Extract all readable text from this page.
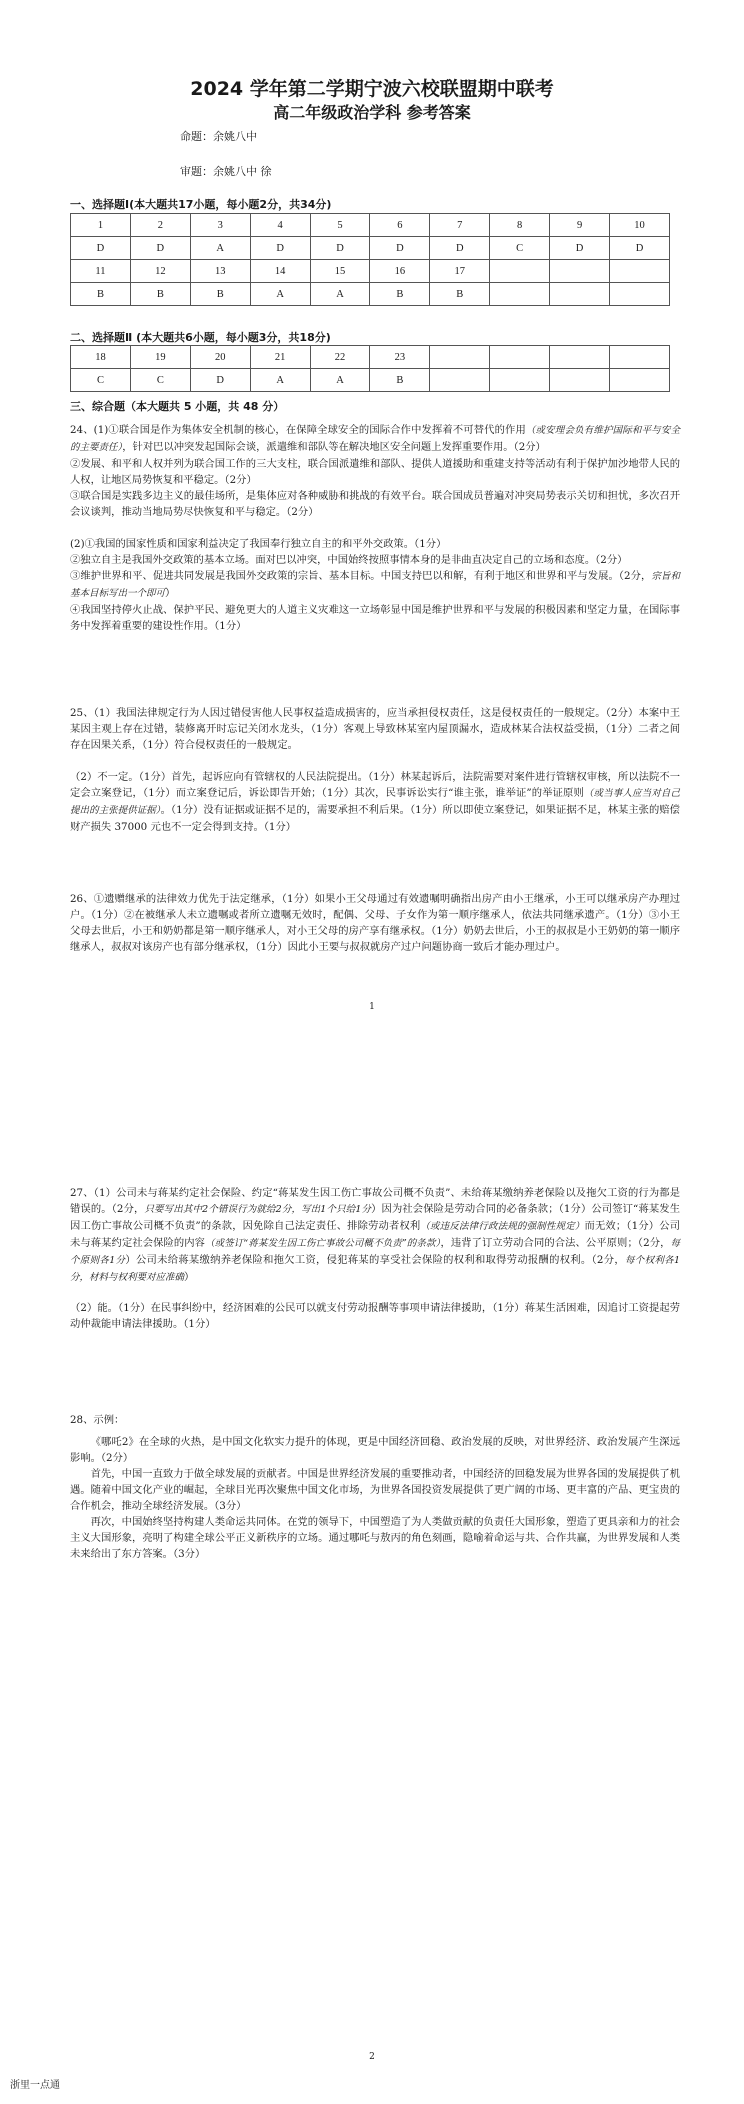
2024 学年第二学期宁波六校联盟期中联考
高二年级政治学科 参考答案
命题：余姚八中
审题：余姚八中 徐
一、选择题Ⅰ(本大题共17小题，每小题2分，共34分)
1	2	3	4	5	6	7	8	9	10
D	D	A	D	D	D	D	C	D	D
11	12	13	14	15	16	17			
B	B	B	A	A	B	B			
二、选择题Ⅱ (本大题共6小题，每小题3分，共18分)
18	19	20	21	22	23				
C	C	D	A	A	B				
三、综合题（本大题共 5 小题，共 48 分）

24、(1)①联合国是作为集体安全机制的核心，在保障全球安全的国际合作中发挥着不可替代的作用（或安理会负有维护国际和平与安全的主要责任），针对巴以冲突发起国际会谈，派遣维和部队等在解决地区安全问题上发挥重要作用。（2分）

②发展、和平和人权并列为联合国工作的三大支柱，联合国派遣维和部队、提供人道援助和重建支持等活动有利于保护加沙地带人民的人权，让地区局势恢复和平稳定。（2分）

③联合国是实践多边主义的最佳场所，是集体应对各种威胁和挑战的有效平台。联合国成员普遍对冲突局势表示关切和担忧，多次召开会议谈判，推动当地局势尽快恢复和平与稳定。（2分）

(2)①我国的国家性质和国家利益决定了我国奉行独立自主的和平外交政策。（1分）

②独立自主是我国外交政策的基本立场。面对巴以冲突，中国始终按照事情本身的是非曲直决定自己的立场和态度。（2分）

③维护世界和平、促进共同发展是我国外交政策的宗旨、基本目标。中国支持巴以和解，有利于地区和世界和平与发展。（2分，宗旨和基本目标写出一个即可）

④我国坚持停火止战、保护平民、避免更大的人道主义灾难这一立场彰显中国是维护世界和平与发展的积极因素和坚定力量，在国际事务中发挥着重要的建设性作用。（1分）

25、（1）我国法律规定行为人因过错侵害他人民事权益造成损害的，应当承担侵权责任，这是侵权责任的一般规定。（2分）本案中王某因主观上存在过错，装修离开时忘记关闭水龙头，（1分）客观上导致林某室内屋顶漏水，造成林某合法权益受损，（1分）二者之间存在因果关系，（1分）符合侵权责任的一般规定。

（2）不一定。（1分）首先，起诉应向有管辖权的人民法院提出。（1分）林某起诉后，法院需要对案件进行管辖权审核，所以法院不一定会立案登记，（1分）而立案登记后，诉讼即告开始；（1分）其次，民事诉讼实行“谁主张，谁举证”的举证原则（或当事人应当对自己提出的主张提供证据）。（1分）没有证据或证据不足的，需要承担不利后果。（1分）所以即使立案登记，如果证据不足，林某主张的赔偿财产损失 37000 元也不一定会得到支持。（1分）

26、①遗赠继承的法律效力优先于法定继承，（1分）如果小王父母通过有效遗嘱明确指出房产由小王继承，小王可以继承房产办理过户。（1分）②在被继承人未立遗嘱或者所立遗嘱无效时，配偶、父母、子女作为第一顺序继承人，依法共同继承遗产。（1分）③小王父母去世后，小王和奶奶都是第一顺序继承人，对小王父母的房产享有继承权。（1分）奶奶去世后，小王的叔叔是小王奶奶的第一顺序继承人，叔叔对该房产也有部分继承权，（1分）因此小王要与叔叔就房产过户问题协商一致后才能办理过户。

1

27、（1）公司未与蒋某约定社会保险、约定“蒋某发生因工伤亡事故公司概不负责”、未给蒋某缴纳养老保险以及拖欠工资的行为都是错误的。（2分，只要写出其中2个错误行为就给2分，写出1个只给1分）因为社会保险是劳动合同的必备条款；（1分）公司签订“蒋某发生因工伤亡事故公司概不负责”的条款，因免除自己法定责任、排除劳动者权利（或违反法律行政法规的强制性规定）而无效；（1分）公司未与蒋某约定社会保险的内容（或签订“蒋某发生因工伤亡事故公司概不负责”的条款），违背了订立劳动合同的合法、公平原则；（2分，每个原则各1分）公司未给蒋某缴纳养老保险和拖欠工资，侵犯蒋某的享受社会保险的权利和取得劳动报酬的权利。（2分，每个权利各1分，材料与权利要对应准确）

（2）能。（1分）在民事纠纷中，经济困难的公民可以就支付劳动报酬等事项申请法律援助，（1分）蒋某生活困难，因追讨工资提起劳动仲裁能申请法律援助。（1分）

28、示例：

《哪吒2》在全球的火热，是中国文化软实力提升的体现，更是中国经济回稳、政治发展的反映，对世界经济、政治发展产生深远影响。（2分）

首先，中国一直致力于做全球发展的贡献者。中国是世界经济发展的重要推动者，中国经济的回稳发展为世界各国的发展提供了机遇。随着中国文化产业的崛起，全球目光再次聚焦中国文化市场，为世界各国投资发展提供了更广阔的市场、更丰富的产品、更宝贵的合作机会，推动全球经济发展。（3分）

再次，中国始终坚持构建人类命运共同体。在党的领导下，中国塑造了为人类做贡献的负责任大国形象，塑造了更具亲和力的社会主义大国形象，亮明了构建全球公平正义新秩序的立场。通过哪吒与敖丙的角色刻画，隐喻着命运与共、合作共赢，为世界发展和人类未来给出了东方答案。（3分）

2
浙里一点通
